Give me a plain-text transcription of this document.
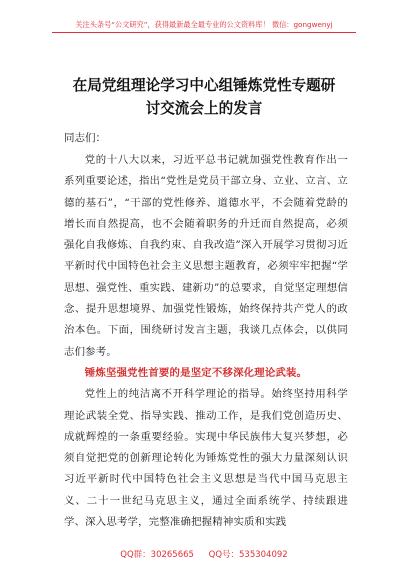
关注头条号“公文研究”，获得最新最全最专业的公文资料库！ 微信：gongwenyj
在局党组理论学习中心组锤炼党性专题研
讨交流会上的发言
同志们：

党的十八大以来，习近平总书记就加强党性教育作出一系列重要论述，指出“党性是党员干部立身、立业、立言、立德的基石”，“干部的党性修养、道德水平，不会随着党龄的增长而自然提高，也不会随着职务的升迁而自然提高，必须强化自我修炼、自我约束、自我改造”深入开展学习贯彻习近平新时代中国特色社会主义思想主题教育，必须牢牢把握“学思想、强党性、重实践、建新功”的总要求，自觉坚定理想信念、提升思想境界、加强党性锻炼，始终保持共产党人的政治本色。下面，围绕研讨发言主题，我谈几点体会，以供同志们参考。

锤炼坚强党性首要的是坚定不移深化理论武装。

党性上的纯洁离不开科学理论的指导。始终坚持用科学理论武装全党、指导实践、推动工作，是我们党创造历史、成就辉煌的一条重要经验。实现中华民族伟大复兴梦想，必须自觉把党的创新理论转化为锤炼党性的强大力量深刻认识习近平新时代中国特色社会主义思想是当代中国马克思主义、二十一世纪马克思主义，通过全面系统学、持续跟进学、深入思考学，完整准确把握精神实质和实践

QQ群：30265665 QQ号：535304092
